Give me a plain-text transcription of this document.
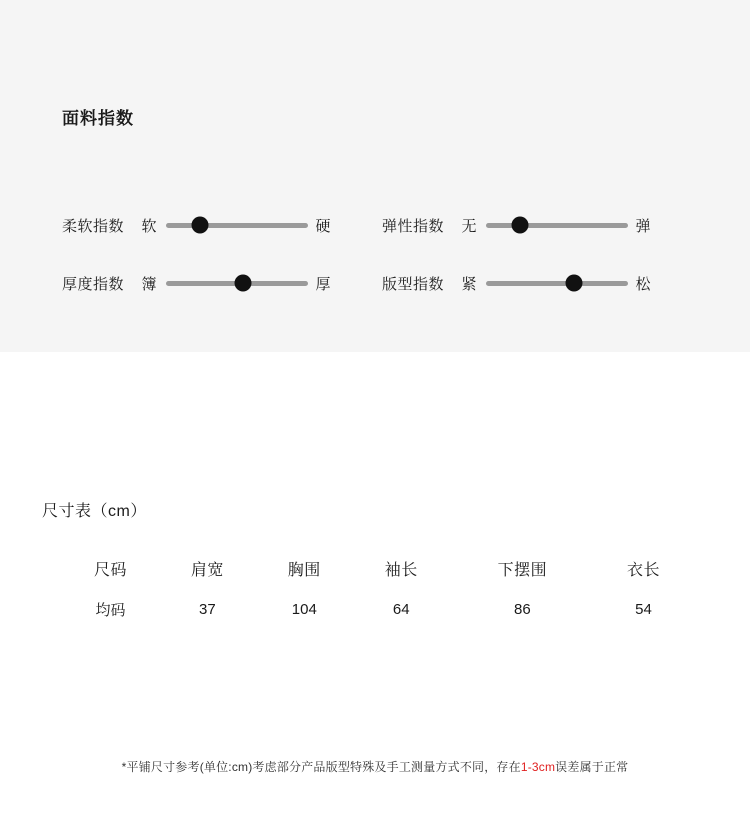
面料指数
柔软指数 软	硬	弹性指数 无	弹
厚度指数 簿	厚	版型指数 紧	松
尺寸表（cm）
尺码	肩宽	胸围	袖长	下摆围	衣长
均码	37	104	64	86	54
*平铺尺寸参考(单位:cm)考虑部分产品版型特殊及手工测量方式不同，存在1-3cm误差属于正常
